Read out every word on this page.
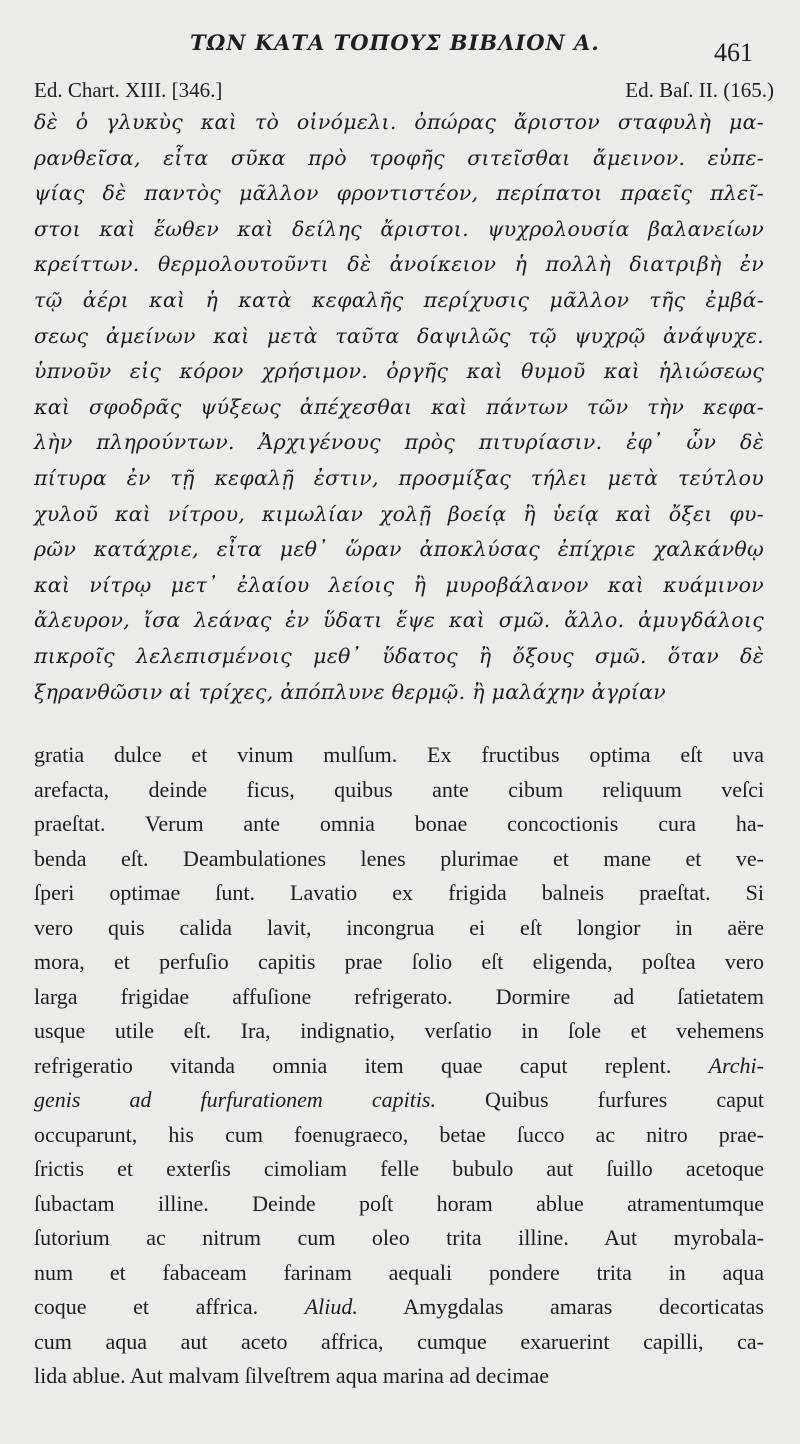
ΤΩΝ ΚΑΤΑ ΤΟΠΟΥΣ ΒΙΒΛΙΟΝ Α.	461
Ed. Chart. XIII. [346.]	Ed. Baſ. II. (165.)
δὲ ὁ γλυκὺς καὶ τὸ οἰνόμελι. ὀπώρας ἄριστον σταφυλὴ μα-
ρανθεῖσα, εἶτα σῦκα πρὸ τροφῆς σιτεῖσθαι ἄμεινον. εὐπε-
ψίας δὲ παντὸς μᾶλλον φροντιστέον, περίπατοι πραεῖς πλεῖ-
στοι καὶ ἕωθεν καὶ δείλης ἄριστοι. ψυχρολουσία βαλανείων
κρείττων. θερμολουτοῦντι δὲ ἀνοίκειον ἡ πολλὴ διατριβὴ ἐν
τῷ ἀέρι καὶ ἡ κατὰ κεφαλῆς περίχυσις μᾶλλον τῆς ἐμβά-
σεως ἀμείνων καὶ μετὰ ταῦτα δαψιλῶς τῷ ψυχρῷ ἀνάψυχε.
ὑπνοῦν εἰς κόρον χρήσιμον. ὀργῆς καὶ θυμοῦ καὶ ἡλιώσεως
καὶ σφοδρᾶς ψύξεως ἀπέχεσθαι καὶ πάντων τῶν τὴν κεφα-
λὴν πληρούντων. Ἀρχιγένους πρὸς πιτυρίασιν. ἐφ᾽ ὧν δὲ
πίτυρα ἐν τῇ κεφαλῇ ἐστιν, προσμίξας τήλει μετὰ τεύτλου
χυλοῦ καὶ νίτρου, κιμωλίαν χολῇ βοείᾳ ἢ ὑείᾳ καὶ ὄξει φυ-
ρῶν κατάχριε, εἶτα μεθ᾽ ὥραν ἀποκλύσας ἐπίχριε χαλκάνθῳ
καὶ νίτρῳ μετ᾽ ἐλαίου λείοις ἢ μυροβάλανον καὶ κυάμινον
ἄλευρον, ἴσα λεάνας ἐν ὕδατι ἕψε καὶ σμῶ. ἄλλο. ἀμυγδάλοις
πικροῖς λελεπισμένοις μεθ᾽ ὕδατος ἢ ὄξους σμῶ. ὅταν δὲ
ξηρανθῶσιν αἱ τρίχες, ἀπόπλυνε θερμῷ. ἢ μαλάχην ἀγρίαν
gratia dulce et vinum mulſum. Ex fructibus optima eſt uva
arefacta, deinde ficus, quibus ante cibum reliquum veſci
praeſtat. Verum ante omnia bonae concoctionis cura ha-
benda eſt. Deambulationes lenes plurimae et mane et ve-
ſperi optimae ſunt. Lavatio ex frigida balneis praeſtat. Si
vero quis calida lavit, incongrua ei eſt longior in aëre
mora, et perfuſio capitis prae ſolio eſt eligenda, poſtea vero
larga frigidae affuſione refrigerato. Dormire ad ſatietatem
usque utile eſt. Ira, indignatio, verſatio in ſole et vehemens
refrigeratio vitanda omnia item quae caput replent. Archi-
genis ad furfurationem capitis. Quibus furfures caput
occuparunt, his cum foenugraeco, betae ſucco ac nitro prae-
ſrictis et exterſis cimoliam felle bubulo aut ſuillo acetoque
ſubactam illine. Deinde poſt horam ablue atramentumque
ſutorium ac nitrum cum oleo trita illine. Aut myrobala-
num et fabaceam farinam aequali pondere trita in aqua
coque et affrica. Aliud. Amygdalas amaras decorticatas
cum aqua aut aceto affrica, cumque exaruerint capilli, ca-
lida ablue. Aut malvam ſilveſtrem aqua marina ad decimae
